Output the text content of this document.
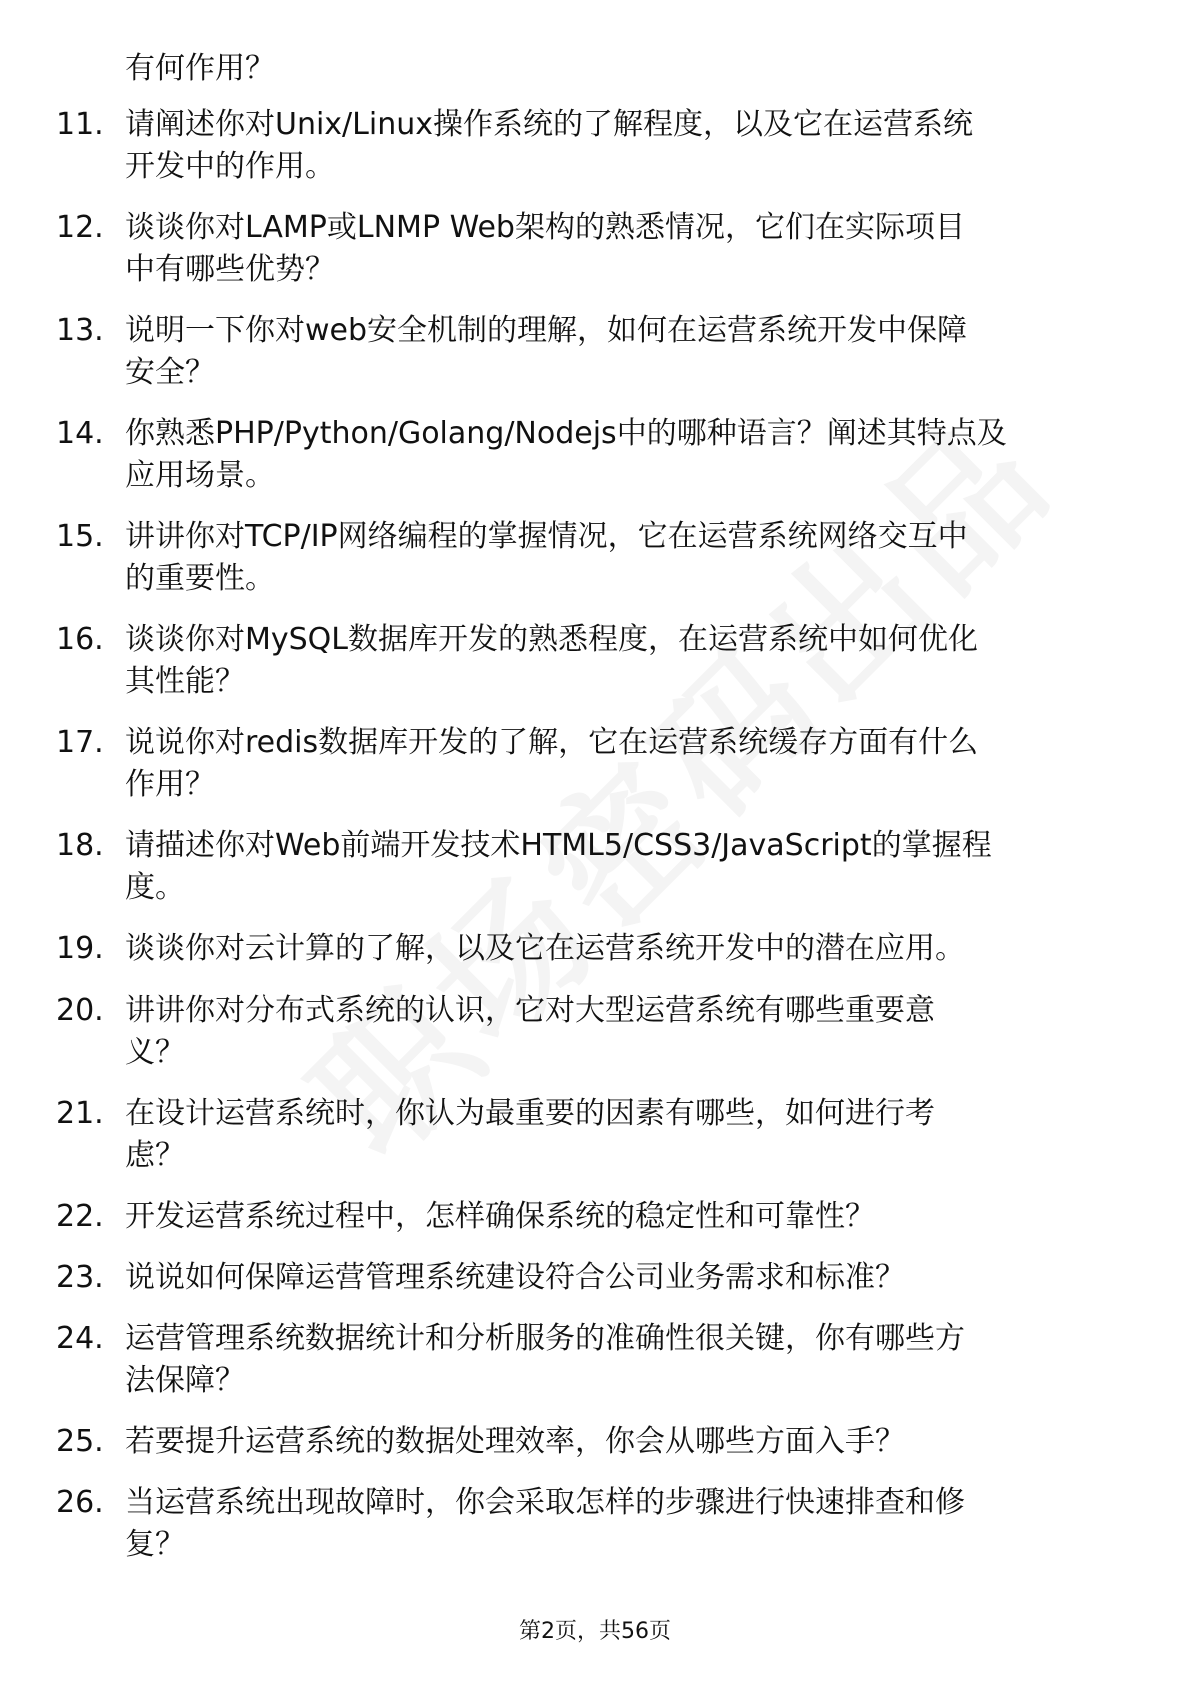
有何作用？
11. 请阐述你对Unix/Linux操作系统的了解程度，以及它在运营系统
开发中的作用。
12. 谈谈你对LAMP或LNMP Web架构的熟悉情况，它们在实际项目
中有哪些优势？
13. 说明一下你对web安全机制的理解，如何在运营系统开发中保障
安全？
14. 你熟悉PHP/Python/Golang/Nodejs中的哪种语言？阐述其特点及
应用场景。
15. 讲讲你对TCP/IP网络编程的掌握情况，它在运营系统网络交互中
的重要性。
16. 谈谈你对MySQL数据库开发的熟悉程度，在运营系统中如何优化
其性能？
17. 说说你对redis数据库开发的了解，它在运营系统缓存方面有什么
作用？
18. 请描述你对Web前端开发技术HTML5/CSS3/JavaScript的掌握程
度。
19. 谈谈你对云计算的了解，以及它在运营系统开发中的潜在应用。
20. 讲讲你对分布式系统的认识，它对大型运营系统有哪些重要意
义？
21. 在设计运营系统时，你认为最重要的因素有哪些，如何进行考
虑？
22. 开发运营系统过程中，怎样确保系统的稳定性和可靠性？
23. 说说如何保障运营管理系统建设符合公司业务需求和标准？
24. 运营管理系统数据统计和分析服务的准确性很关键，你有哪些方
法保障？
25. 若要提升运营系统的数据处理效率，你会从哪些方面入手？
26. 当运营系统出现故障时，你会采取怎样的步骤进行快速排查和修
复？
第2页，共56页
